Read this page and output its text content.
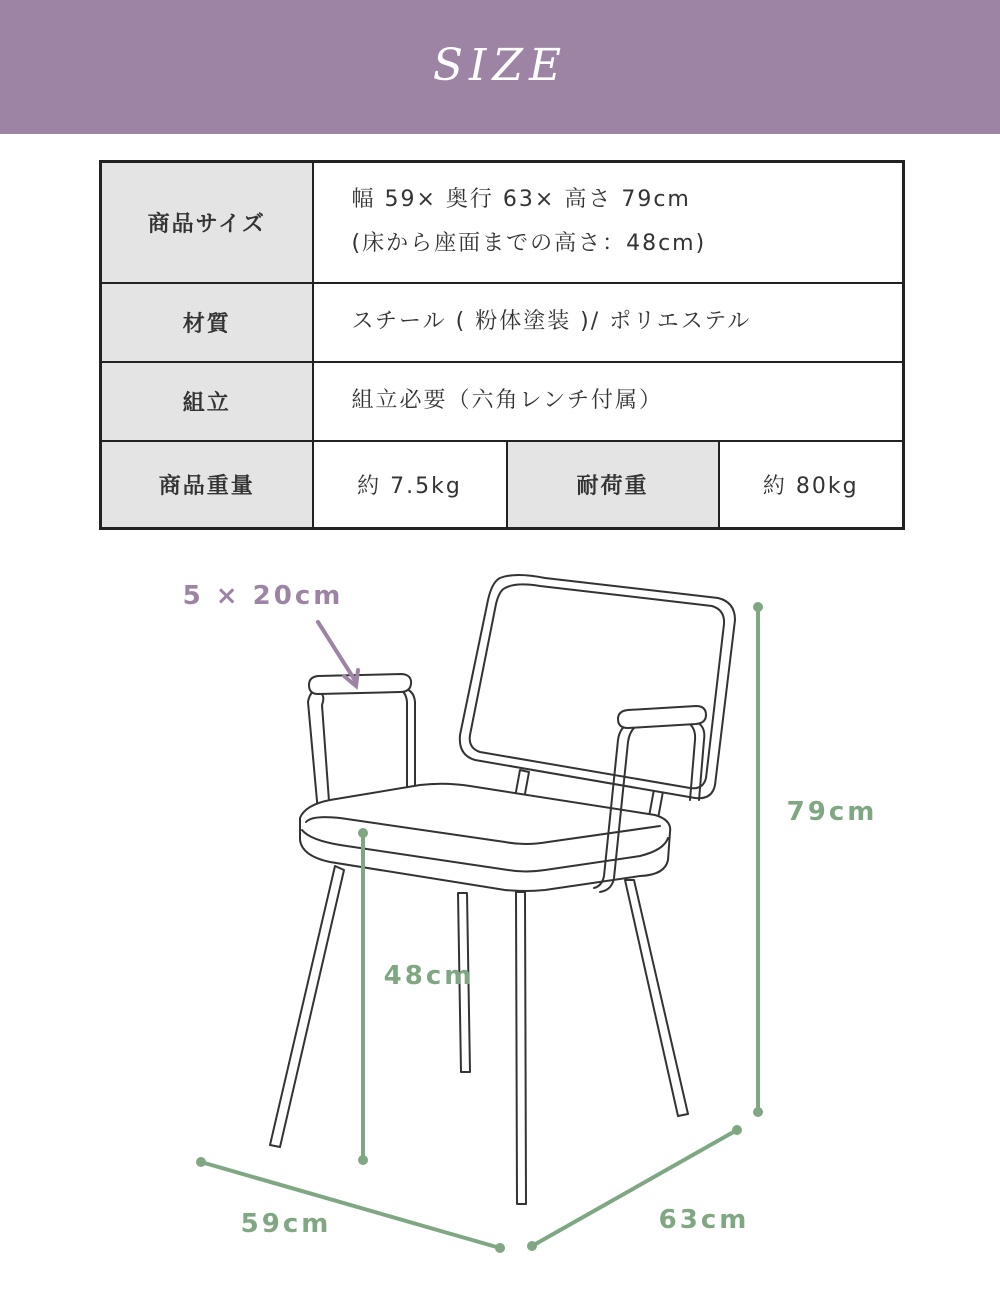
SIZE
商品サイズ	幅 59× 奥行 63× 高さ 79cm
(床から座面までの高さ：48cm)		

材質	スチール ( 粉体塗装 )/ ポリエステル		
組立	組立必要（六角レンチ付属）		
商品重量	約 7.5kg	耐荷重	約 80kg
5 × 20cm
79cm
48cm
59cm	63cm
